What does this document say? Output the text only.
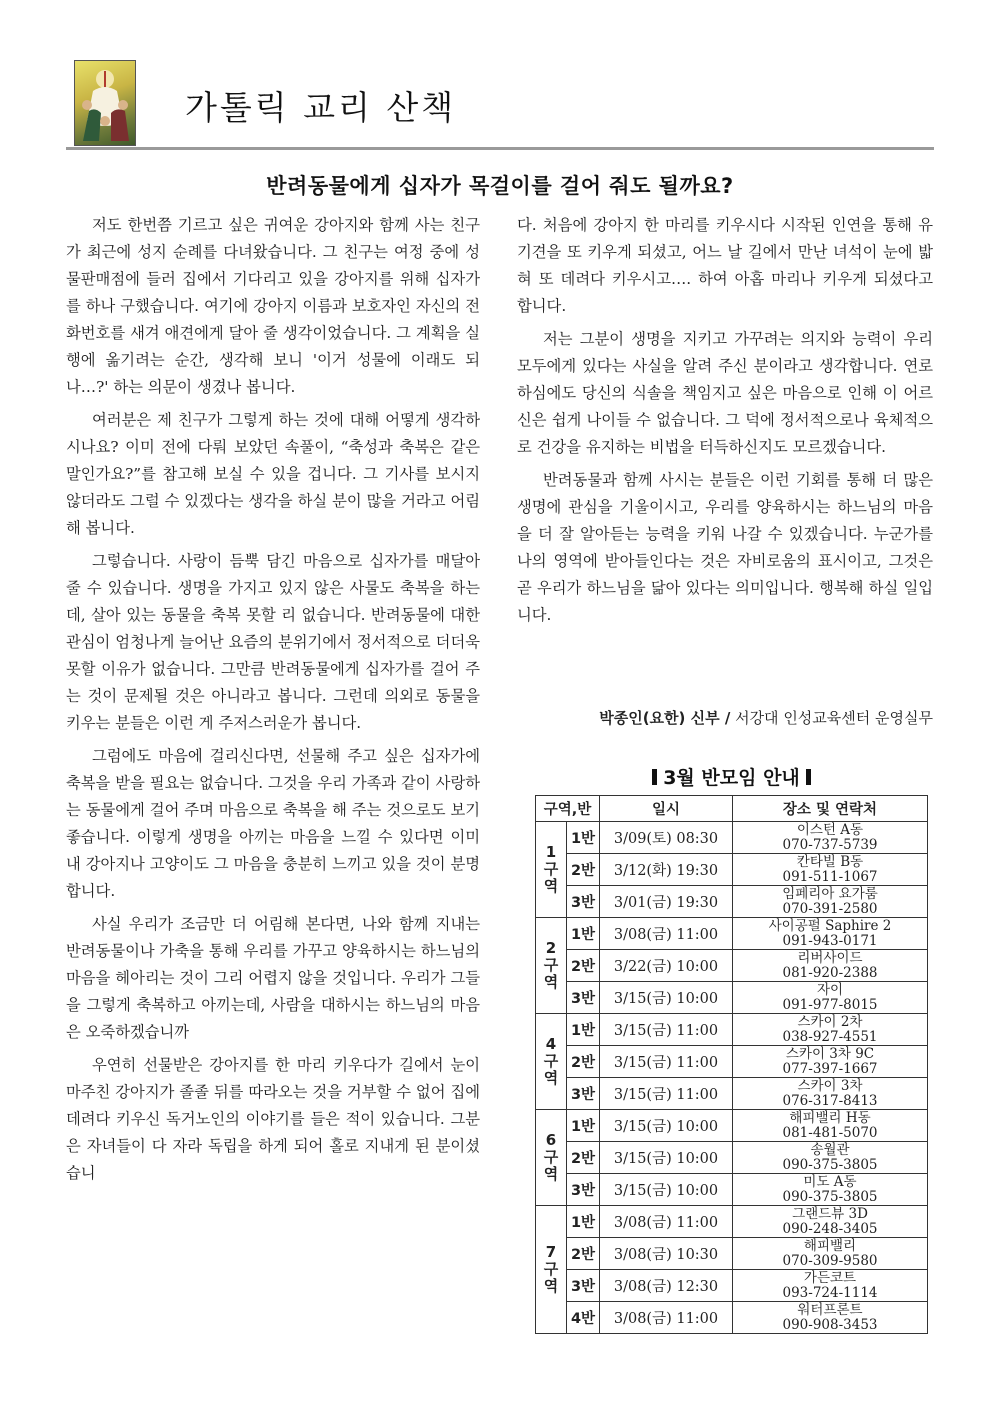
가톨릭 교리 산책
반려동물에게 십자가 목걸이를 걸어 줘도 될까요?

저도 한번쯤 기르고 싶은 귀여운 강아지와 함께 사는 친구가 최근에 성지 순례를 다녀왔습니다. 그 친구는 여정 중에 성물판매점에 들러 집에서 기다리고 있을 강아지를 위해 십자가를 하나 구했습니다. 여기에 강아지 이름과 보호자인 자신의 전화번호를 새겨 애견에게 달아 줄 생각이었습니다. 그 계획을 실행에 옮기려는 순간, 생각해 보니 '이거 성물에 이래도 되나…?' 하는 의문이 생겼나 봅니다.

여러분은 제 친구가 그렇게 하는 것에 대해 어떻게 생각하시나요? 이미 전에 다뤄 보았던 속풀이, “축성과 축복은 같은 말인가요?”를 참고해 보실 수 있을 겁니다. 그 기사를 보시지 않더라도 그럴 수 있겠다는 생각을 하실 분이 많을 거라고 어림해 봅니다.

그렇습니다. 사랑이 듬뿍 담긴 마음으로 십자가를 매달아 줄 수 있습니다. 생명을 가지고 있지 않은 사물도 축복을 하는데, 살아 있는 동물을 축복 못할 리 없습니다. 반려동물에 대한 관심이 엄청나게 늘어난 요즘의 분위기에서 정서적으로 더더욱 못할 이유가 없습니다. 그만큼 반려동물에게 십자가를 걸어 주는 것이 문제될 것은 아니라고 봅니다. 그런데 의외로 동물을 키우는 분들은 이런 게 주저스러운가 봅니다.

그럼에도 마음에 걸리신다면, 선물해 주고 싶은 십자가에 축복을 받을 필요는 없습니다. 그것을 우리 가족과 같이 사랑하는 동물에게 걸어 주며 마음으로 축복을 해 주는 것으로도 보기 좋습니다. 이렇게 생명을 아끼는 마음을 느낄 수 있다면 이미 내 강아지나 고양이도 그 마음을 충분히 느끼고 있을 것이 분명합니다.

사실 우리가 조금만 더 어림해 본다면, 나와 함께 지내는 반려동물이나 가축을 통해 우리를 가꾸고 양육하시는 하느님의 마음을 헤아리는 것이 그리 어렵지 않을 것입니다. 우리가 그들을 그렇게 축복하고 아끼는데, 사람을 대하시는 하느님의 마음은 오죽하겠습니까

우연히 선물받은 강아지를 한 마리 키우다가 길에서 눈이 마주친 강아지가 졸졸 뒤를 따라오는 것을 거부할 수 없어 집에 데려다 키우신 독거노인의 이야기를 들은 적이 있습니다. 그분은 자녀들이 다 자라 독립을 하게 되어 홀로 지내게 된 분이셨습니

다. 처음에 강아지 한 마리를 키우시다 시작된 인연을 통해 유기견을 또 키우게 되셨고, 어느 날 길에서 만난 녀석이 눈에 밟혀 또 데려다 키우시고…. 하여 아홉 마리나 키우게 되셨다고 합니다.

저는 그분이 생명을 지키고 가꾸려는 의지와 능력이 우리 모두에게 있다는 사실을 알려 주신 분이라고 생각합니다. 연로하심에도 당신의 식솔을 책임지고 싶은 마음으로 인해 이 어르신은 쉽게 나이들 수 없습니다. 그 덕에 정서적으로나 육체적으로 건강을 유지하는 비법을 터득하신지도 모르겠습니다.

반려동물과 함께 사시는 분들은 이런 기회를 통해 더 많은 생명에 관심을 기울이시고, 우리를 양육하시는 하느님의 마음을 더 잘 알아듣는 능력을 키워 나갈 수 있겠습니다. 누군가를 나의 영역에 받아들인다는 것은 자비로움의 표시이고, 그것은 곧 우리가 하느님을 닮아 있다는 의미입니다. 행복해 하실 일입니다.

박종인(요한) 신부 / 서강대 인성교육센터 운영실무
3월 반모임 안내
구역,반		일시	장소 및 연락처

1
구
역	1반	3/09(토) 08:30	이스턴 A동
070-737-5739

	2반	3/12(화) 19:30	칸타빌 B동
091-511-1067

	3반	3/01(금) 19:30	임페리아 요가룸
070-391-2580

2
구
역	1반	3/08(금) 11:00	사이공펄 Saphire 2
091-943-0171

	2반	3/22(금) 10:00	리버사이드
081-920-2388

	3반	3/15(금) 10:00	자이
091-977-8015

4
구
역	1반	3/15(금) 11:00	스카이 2차
038-927-4551

	2반	3/15(금) 11:00	스카이 3차 9C
077-397-1667

	3반	3/15(금) 11:00	스카이 3차
076-317-8413

6
구
역	1반	3/15(금) 10:00	해피밸리 H동
081-481-5070

	2반	3/15(금) 10:00	송월관
090-375-3805

	3반	3/15(금) 10:00	미도 A동
090-375-3805

7
구
역	1반	3/08(금) 11:00	그랜드뷰 3D
090-248-3405

	2반	3/08(금) 10:30	해피밸리
070-309-9580

	3반	3/08(금) 12:30	가든코트
093-724-1114

	4반	3/08(금) 11:00	워터프론트
090-908-3453
